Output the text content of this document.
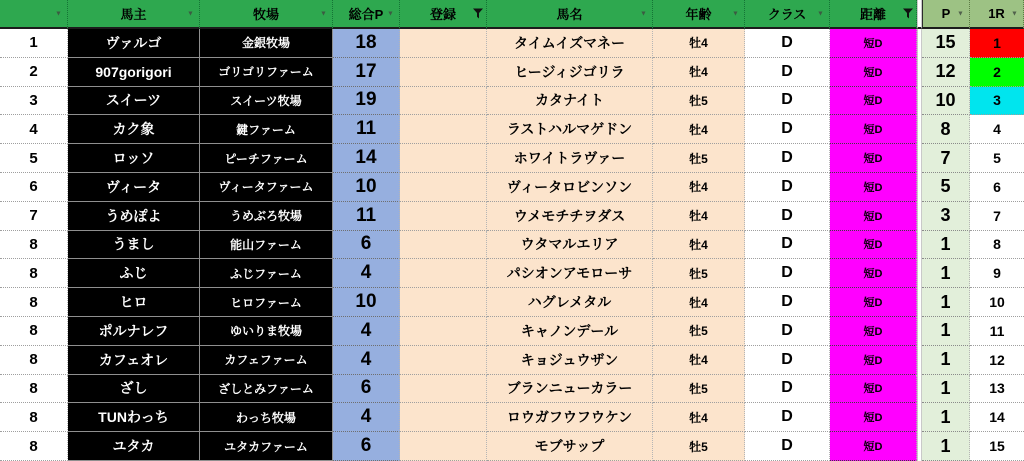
▼	馬主	▼	牧場	▼ 総合P ▼	登録	馬名	▼	年齢	▼ クラス ▼	距離	P ▼ 1R ▼
1	ヴァルゴ	金銀牧場	18	タイムイズマネー	牡4	D	短D	15	1
2	907gorigori	ゴリゴリファーム	17	ヒージィジゴリラ	牡4	D	短D	12	2
3	スイーツ	スイーツ牧場	19	カタナイト	牡5	D	短D	10	3
4	カク象	鍵ファーム	11	ラストハルマゲドン	牡4	D	短D	8	4
5	ロッソ	ピーチファーム	14	ホワイトラヴァー	牡5	D	短D	7	5
6	ヴィータ	ヴィータファーム	10	ヴィータロビンソン	牡4	D	短D	5	6
7	うめぽよ	うめぶろ牧場	11	ウメモチチヲダス	牡4	D	短D	3	7
8	うまし	能山ファーム	6	ウタマルエリア	牡4	D	短D	1	8
8	ふじ	ふじファーム	4	パシオンアモローサ	牡5	D	短D	1	9
8	ヒロ	ヒロファーム	10	ハグレメタル	牡4	D	短D	1	10
8	ポルナレフ	ゆいりま牧場	4	キャノンデール	牡5	D	短D	1	11
8	カフェオレ	カフェファーム	4	キョジュウザン	牡4	D	短D	1	12
8	ざし	ざしとみファーム	6	ブランニューカラー	牡5	D	短D	1	13
8	TUNわっち	わっち牧場	4	ロウガフウフウケン	牡4	D	短D	1	14
8	ユタカ	ユタカファーム	6	モブサップ	牡5	D	短D	1	15
